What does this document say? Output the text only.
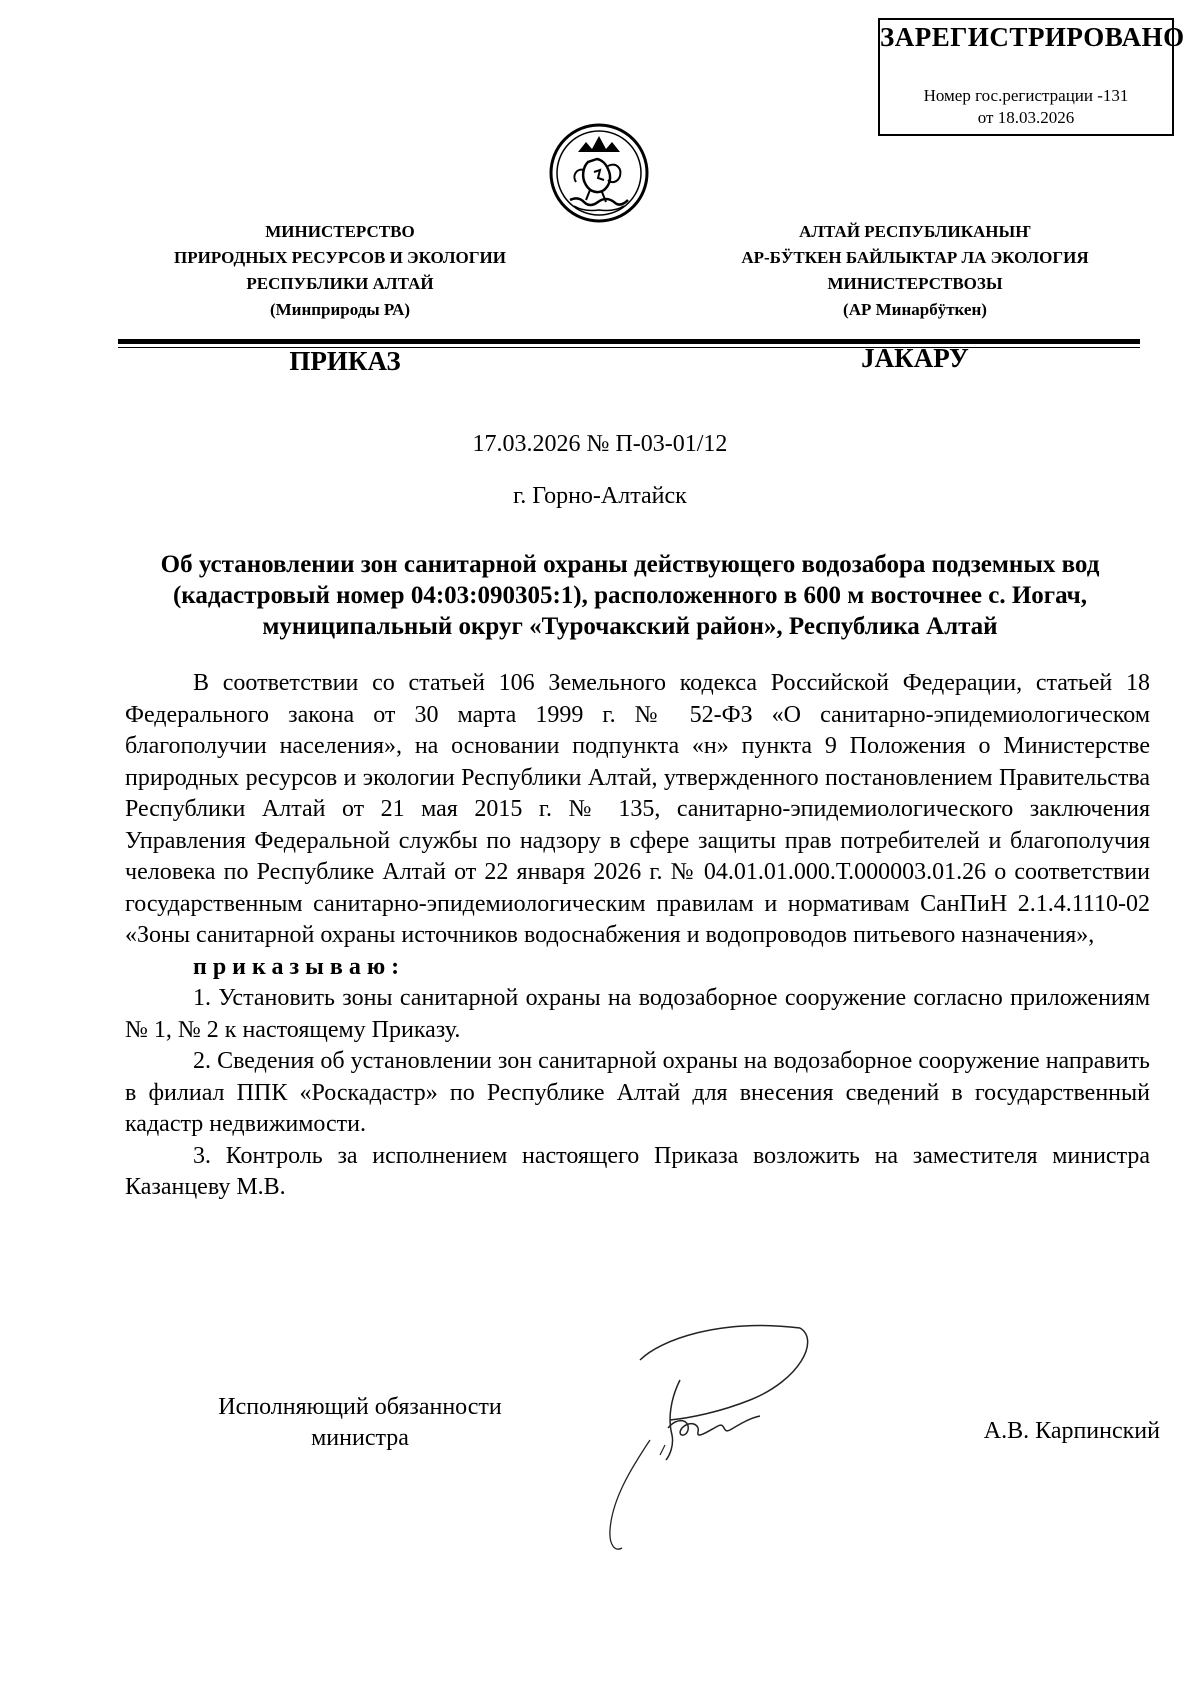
ЗАРЕГИСТРИРОВАНО
Номер гос.регистрации -131
от 18.03.2026
МИНИСТЕРСТВО
ПРИРОДНЫХ РЕСУРСОВ И ЭКОЛОГИИ
РЕСПУБЛИКИ АЛТАЙ
(Минприроды РА)
АЛТАЙ РЕСПУБЛИКАНЫҤ
АР-БӰТКЕН БАЙЛЫКТАР ЛА ЭКОЛОГИЯ
МИНИСТЕРСТВОЗЫ
(АР Минарбӱткен)
ПРИКАЗ	JАКАРУ
17.03.2026 № П-03-01/12
г. Горно-Алтайск
Об установлении зон санитарной охраны действующего водозабора подземных вод (кадастровый номер 04:03:090305:1), расположенного в 600 м восточнее с. Иогач, муниципальный округ «Турочакский район», Республика Алтай

В соответствии со статьей 106 Земельного кодекса Российской Федерации, статьей 18 Федерального закона от 30 марта 1999 г. № 52-ФЗ «О санитарно-эпидемиологическом благополучии населения», на основании подпункта «н» пункта 9 Положения о Министерстве природных ресурсов и экологии Республики Алтай, утвержденного постановлением Правительства Республики Алтай от 21 мая 2015 г. № 135, санитарно-эпидемиологического заключения Управления Федеральной службы по надзору в сфере защиты прав потребителей и благополучия человека по Республике Алтай от 22 января 2026 г. № 04.01.01.000.Т.000003.01.26 о соответствии государственным санитарно-эпидемиологическим правилам и нормативам СанПиН 2.1.4.1110-02 «Зоны санитарной охраны источников водоснабжения и водопроводов питьевого назначения»,

приказываю:

1. Установить зоны санитарной охраны на водозаборное сооружение согласно приложениям № 1, № 2 к настоящему Приказу.

2. Сведения об установлении зон санитарной охраны на водозаборное сооружение направить в филиал ППК «Роскадастр» по Республике Алтай для внесения сведений в государственный кадастр недвижимости.

3. Контроль за исполнением настоящего Приказа возложить на заместителя министра Казанцеву М.В.

Исполняющий обязанности
министра	А.В. Карпинский
